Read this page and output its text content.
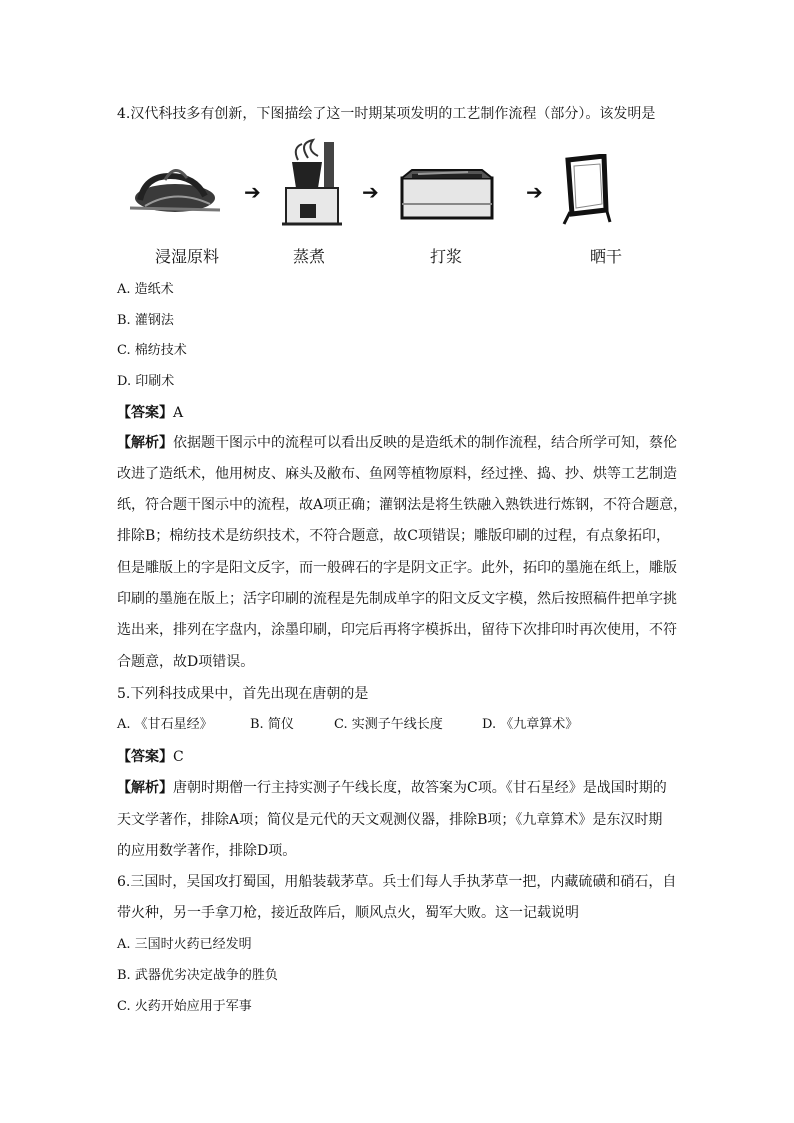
4.汉代科技多有创新，下图描绘了这一时期某项发明的工艺制作流程（部分）。该发明是
➔	➔	➔
浸湿原料	蒸煮	打浆	晒干
A. 造纸术
B. 灌钢法
C. 棉纺技术
D. 印刷术
【答案】A
【解析】依据题干图示中的流程可以看出反映的是造纸术的制作流程，结合所学可知，蔡伦
改进了造纸术，他用树皮、麻头及敝布、鱼网等植物原料，经过挫、捣、抄、烘等工艺制造
纸，符合题干图示中的流程，故A项正确；灌钢法是将生铁融入熟铁进行炼钢，不符合题意，
排除B；棉纺技术是纺织技术，不符合题意，故C项错误；雕版印刷的过程，有点象拓印，
但是雕版上的字是阳文反字，而一般碑石的字是阴文正字。此外，拓印的墨施在纸上，雕版
印刷的墨施在版上；活字印刷的流程是先制成单字的阳文反文字模，然后按照稿件把单字挑
选出来，排列在字盘内，涂墨印刷，印完后再将字模拆出，留待下次排印时再次使用，不符
合题意，故D项错误。
5.下列科技成果中，首先出现在唐朝的是
A. 《甘石星经》	B. 简仪	C. 实测子午线长度	D. 《九章算术》
【答案】C
【解析】唐朝时期僧一行主持实测子午线长度，故答案为C项。《甘石星经》是战国时期的
天文学著作，排除A项；简仪是元代的天文观测仪器，排除B项；《九章算术》是东汉时期
的应用数学著作，排除D项。
6.三国时，吴国攻打蜀国，用船装载茅草。兵士们每人手执茅草一把，内藏硫磺和硝石，自
带火种，另一手拿刀枪，接近敌阵后，顺风点火，蜀军大败。这一记载说明
A. 三国时火药已经发明
B. 武器优劣决定战争的胜负
C. 火药开始应用于军事
